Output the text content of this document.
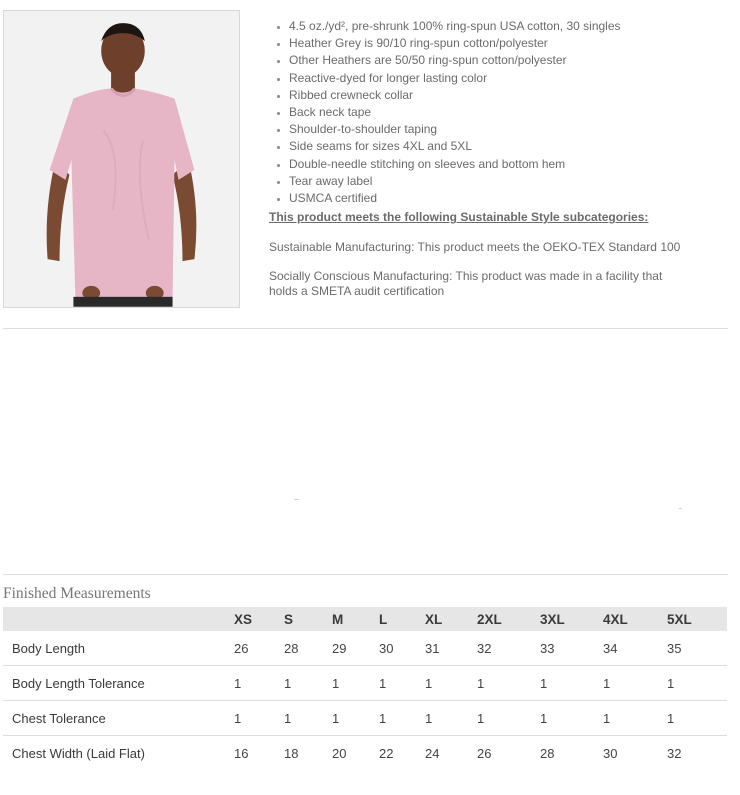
• 4.5 oz./yd², pre-shrunk 100% ring-spun USA cotton, 30 singles
• Heather Grey is 90/10 ring-spun cotton/polyester
• Other Heathers are 50/50 ring-spun cotton/polyester
• Reactive-dyed for longer lasting color
• Ribbed crewneck collar
• Back neck tape
• Shoulder-to-shoulder taping
• Side seams for sizes 4XL and 5XL
• Double-needle stitching on sleeves and bottom hem
• Tear away label
• USMCA certified
This product meets the following Sustainable Style subcategories:
Sustainable Manufacturing: This product meets the OEKO-TEX Standard 100
Socially Conscious Manufacturing: This product was made in a facility that holds a SMETA audit certification
Finished Measurements
	XS	S	M	L	XL	2XL	3XL	4XL	5XL
Body Length	26	28	29	30	31	32	33	34	35
Body Length Tolerance	1	1	1	1	1	1	1	1	1
Chest Tolerance	1	1	1	1	1	1	1	1	1
Chest Width (Laid Flat)	16	18	20	22	24	26	28	30	32
